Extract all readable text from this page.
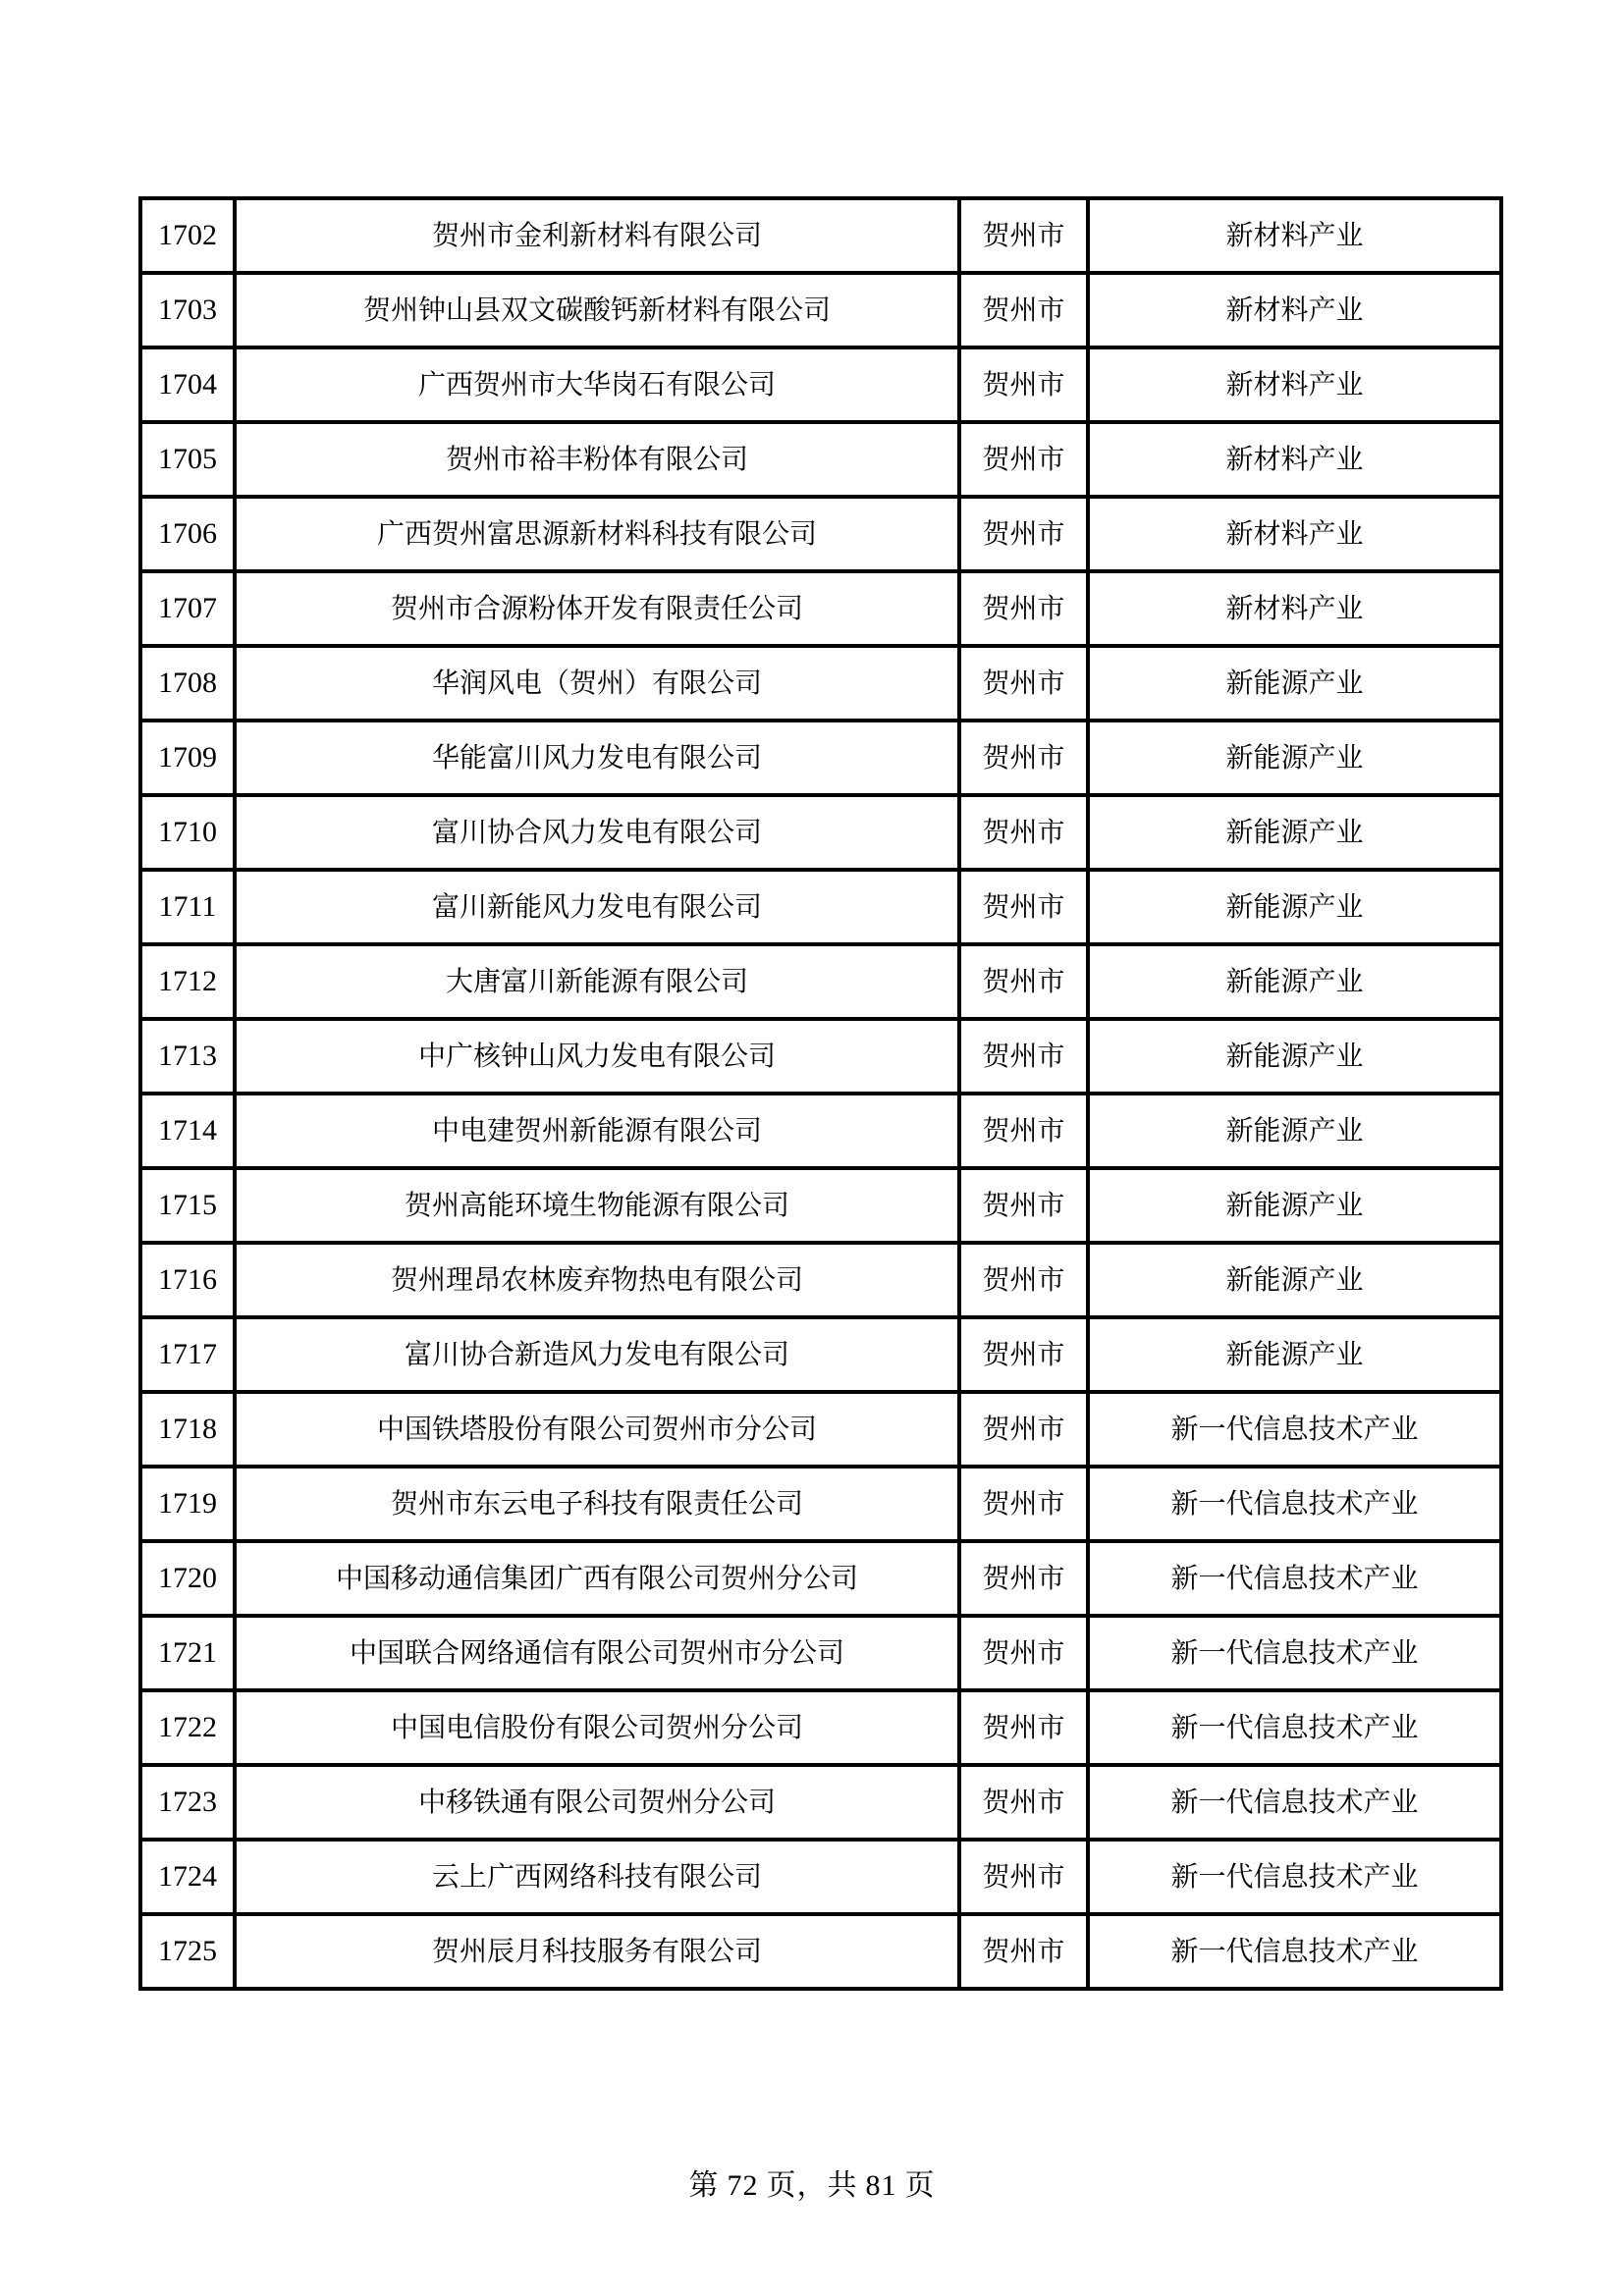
1702	贺州市金利新材料有限公司	贺州市	新材料产业
1703	贺州钟山县双文碳酸钙新材料有限公司	贺州市	新材料产业
1704	广西贺州市大华岗石有限公司	贺州市	新材料产业
1705	贺州市裕丰粉体有限公司	贺州市	新材料产业
1706	广西贺州富思源新材料科技有限公司	贺州市	新材料产业
1707	贺州市合源粉体开发有限责任公司	贺州市	新材料产业
1708	华润风电（贺州）有限公司	贺州市	新能源产业
1709	华能富川风力发电有限公司	贺州市	新能源产业
1710	富川协合风力发电有限公司	贺州市	新能源产业
1711	富川新能风力发电有限公司	贺州市	新能源产业
1712	大唐富川新能源有限公司	贺州市	新能源产业
1713	中广核钟山风力发电有限公司	贺州市	新能源产业
1714	中电建贺州新能源有限公司	贺州市	新能源产业
1715	贺州高能环境生物能源有限公司	贺州市	新能源产业
1716	贺州理昂农林废弃物热电有限公司	贺州市	新能源产业
1717	富川协合新造风力发电有限公司	贺州市	新能源产业
1718	中国铁塔股份有限公司贺州市分公司	贺州市	新一代信息技术产业
1719	贺州市东云电子科技有限责任公司	贺州市	新一代信息技术产业
1720	中国移动通信集团广西有限公司贺州分公司	贺州市	新一代信息技术产业
1721	中国联合网络通信有限公司贺州市分公司	贺州市	新一代信息技术产业
1722	中国电信股份有限公司贺州分公司	贺州市	新一代信息技术产业
1723	中移铁通有限公司贺州分公司	贺州市	新一代信息技术产业
1724	云上广西网络科技有限公司	贺州市	新一代信息技术产业
1725	贺州辰月科技服务有限公司	贺州市	新一代信息技术产业
第 72 页，共 81 页
